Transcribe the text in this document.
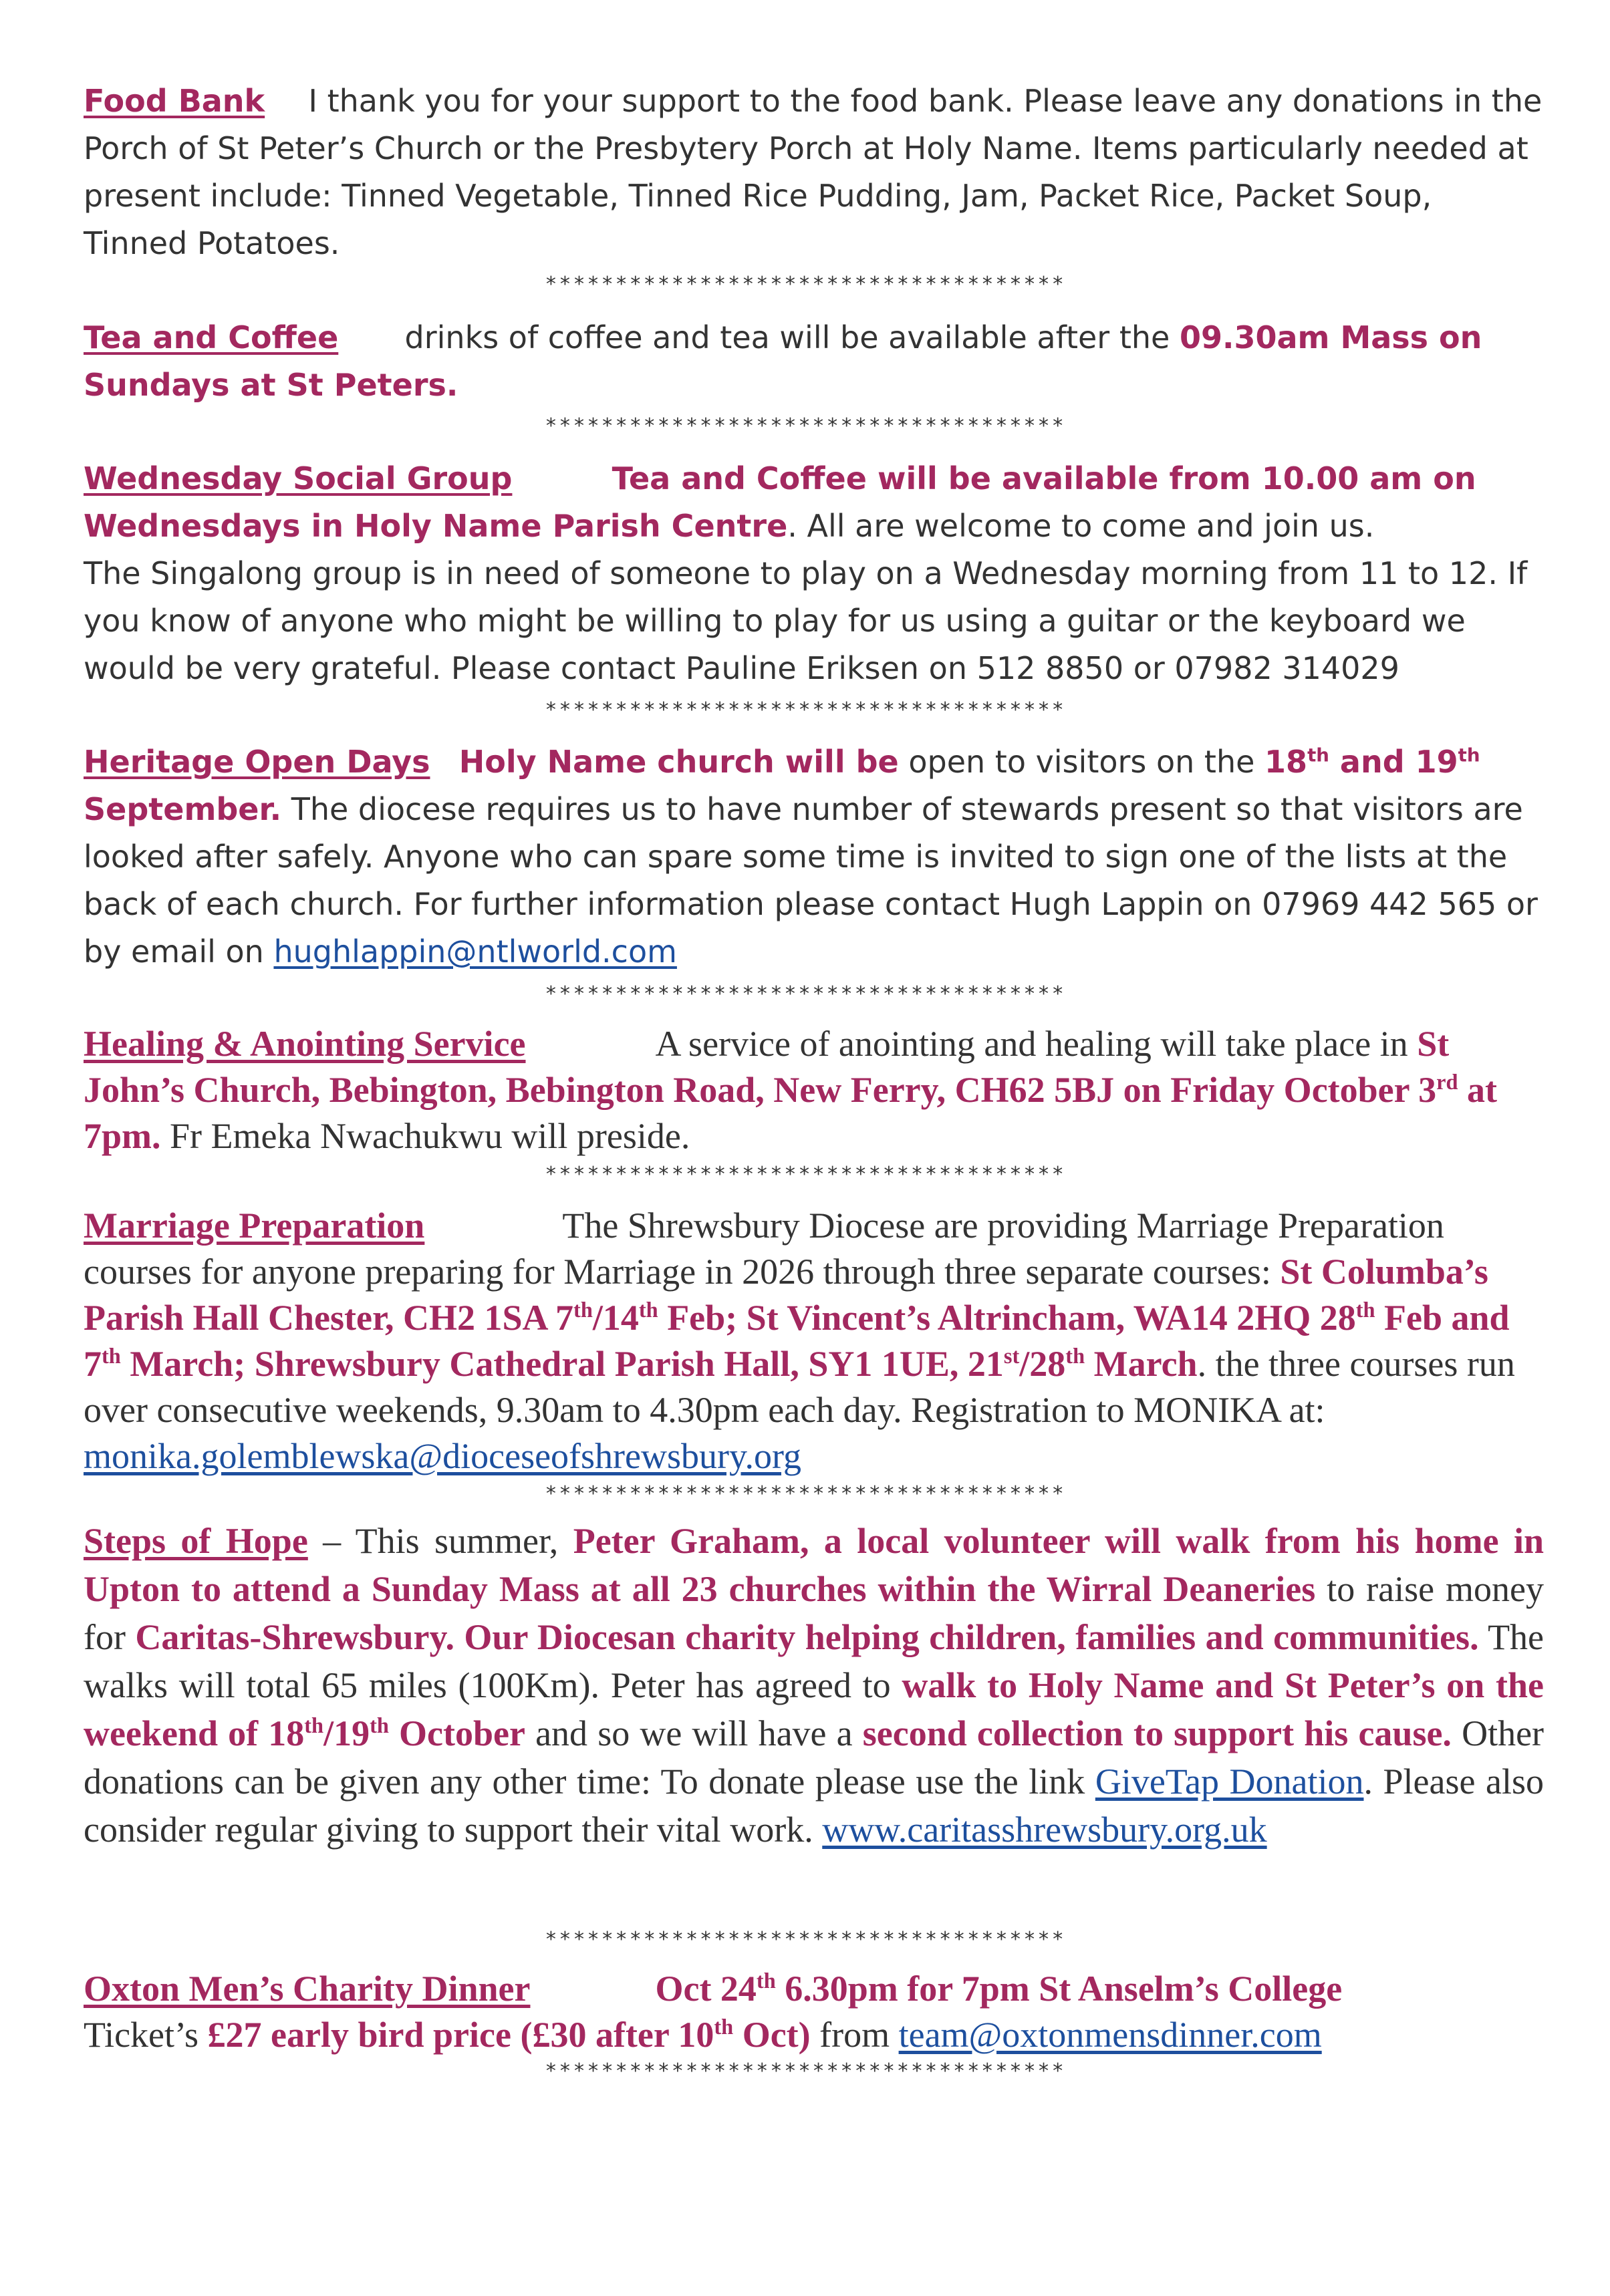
Food Bank I thank you for your support to the food bank. Please leave any donations in the Porch of St Peter’s Church or the Presbytery Porch at Holy Name. Items particularly needed at present include: Tinned Vegetable, Tinned Rice Pudding, Jam, Packet Rice, Packet Soup, Tinned Potatoes.
*************************************
Tea and Coffee drinks of coffee and tea will be available after the 09.30am Mass on Sundays at St Peters.
*************************************
Wednesday Social Group	Tea and Coffee will be available from 10.00 am on Wednesdays in Holy Name Parish Centre. All are welcome to come and join us.
The Singalong group is in need of someone to play on a Wednesday morning from 11 to 12. If you know of anyone who might be willing to play for us using a guitar or the keyboard we would be very grateful. Please contact Pauline Eriksen on 512 8850 or 07982 314029
*************************************
Heritage Open Days Holy Name church will be open to visitors on the 18th and 19th September. The diocese requires us to have number of stewards present so that visitors are looked after safely. Anyone who can spare some time is invited to sign one of the lists at the back of each church. For further information please contact Hugh Lappin on 07969 442 565 or by email on hughlappin@ntlworld.com
*************************************
Healing & Anointing Service	A service of anointing and healing will take place in St John’s Church, Bebington, Bebington Road, New Ferry, CH62 5BJ on Friday October 3rd at 7pm. Fr Emeka Nwachukwu will preside.
*************************************
Marriage Preparation	The Shrewsbury Diocese are providing Marriage Preparation courses for anyone preparing for Marriage in 2026 through three separate courses: St Columba’s Parish Hall Chester, CH2 1SA 7th/14th Feb; St Vincent’s Altrincham, WA14 2HQ 28th Feb and 7th March; Shrewsbury Cathedral Parish Hall, SY1 1UE, 21st/28th March. the three courses run over consecutive weekends, 9.30am to 4.30pm each day. Registration to MONIKA at: monika.golemblewska@dioceseofshrewsbury.org
*************************************
Steps of Hope – This summer, Peter Graham, a local volunteer will walk from his home in Upton to attend a Sunday Mass at all 23 churches within the Wirral Deaneries to raise money for Caritas-Shrewsbury. Our Diocesan charity helping children, families and communities. The walks will total 65 miles (100Km). Peter has agreed to walk to Holy Name and St Peter’s on the weekend of 18th/19th October and so we will have a second collection to support his cause. Other donations can be given any other time: To donate please use the link GiveTap Donation. Please also consider regular giving to support their vital work. www.caritasshrewsbury.org.uk
*************************************
Oxton Men’s Charity Dinner	Oct 24th 6.30pm for 7pm St Anselm’s College
Ticket’s £27 early bird price (£30 after 10th Oct) from team@oxtonmensdinner.com
*************************************
